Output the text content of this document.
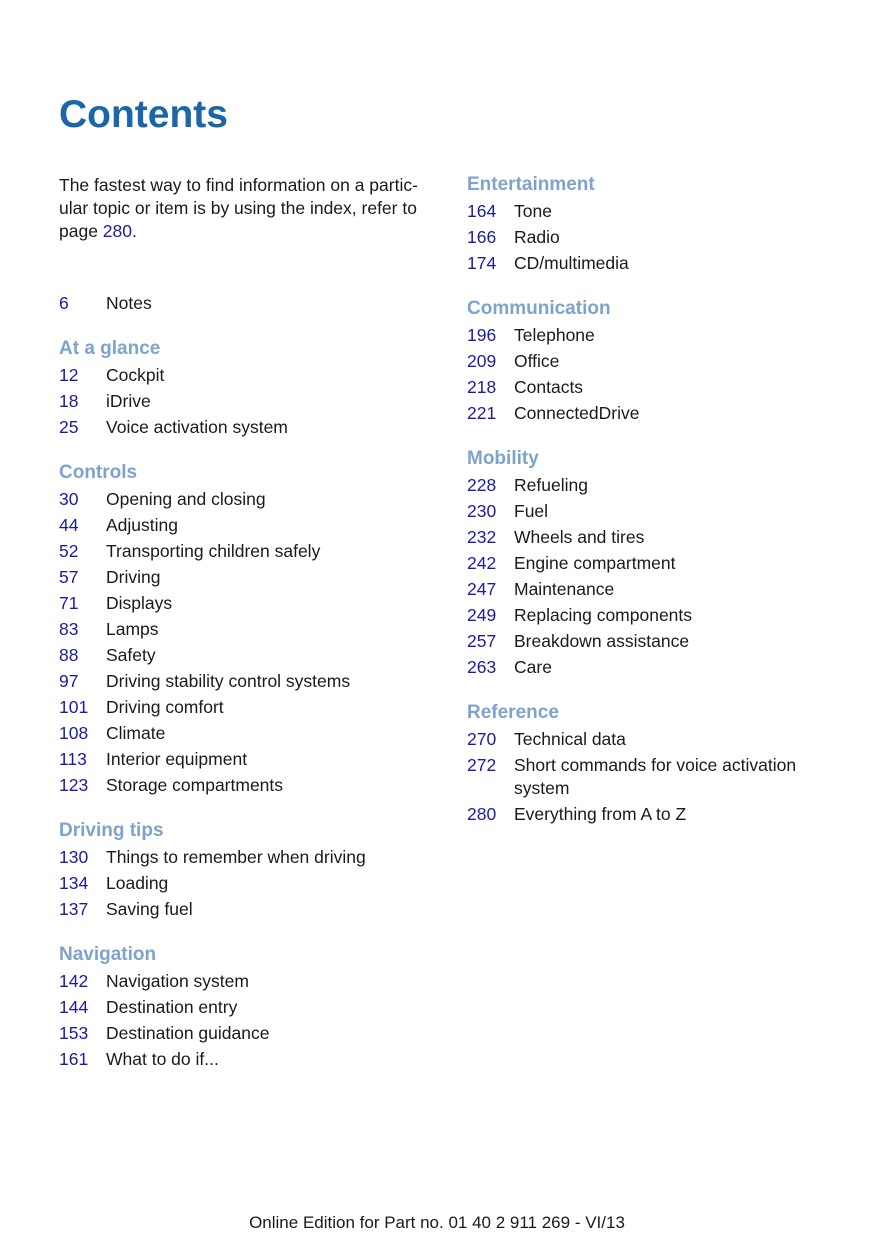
Contents
The fastest way to find information on a partic-
ular topic or item is by using the index, refer to
page 280.
6	Notes
At a glance
12	Cockpit
18	iDrive
25	Voice activation system
Controls
30	Opening and closing
44	Adjusting
52	Transporting children safely
57	Driving
71	Displays
83	Lamps
88	Safety
97	Driving stability control systems
101	Driving comfort
108	Climate
113	Interior equipment
123	Storage compartments
Driving tips
130	Things to remember when driving
134	Loading
137	Saving fuel
Navigation
142	Navigation system
144	Destination entry
153	Destination guidance
161	What to do if...
Entertainment
164	Tone
166	Radio
174	CD/multimedia
Communication
196	Telephone
209	Office
218	Contacts
221	ConnectedDrive
Mobility
228	Refueling
230	Fuel
232	Wheels and tires
242	Engine compartment
247	Maintenance
249	Replacing components
257	Breakdown assistance
263	Care
Reference
270	Technical data
272	Short commands for voice activation system
280	Everything from A to Z
Online Edition for Part no. 01 40 2 911 269 - VI/13
